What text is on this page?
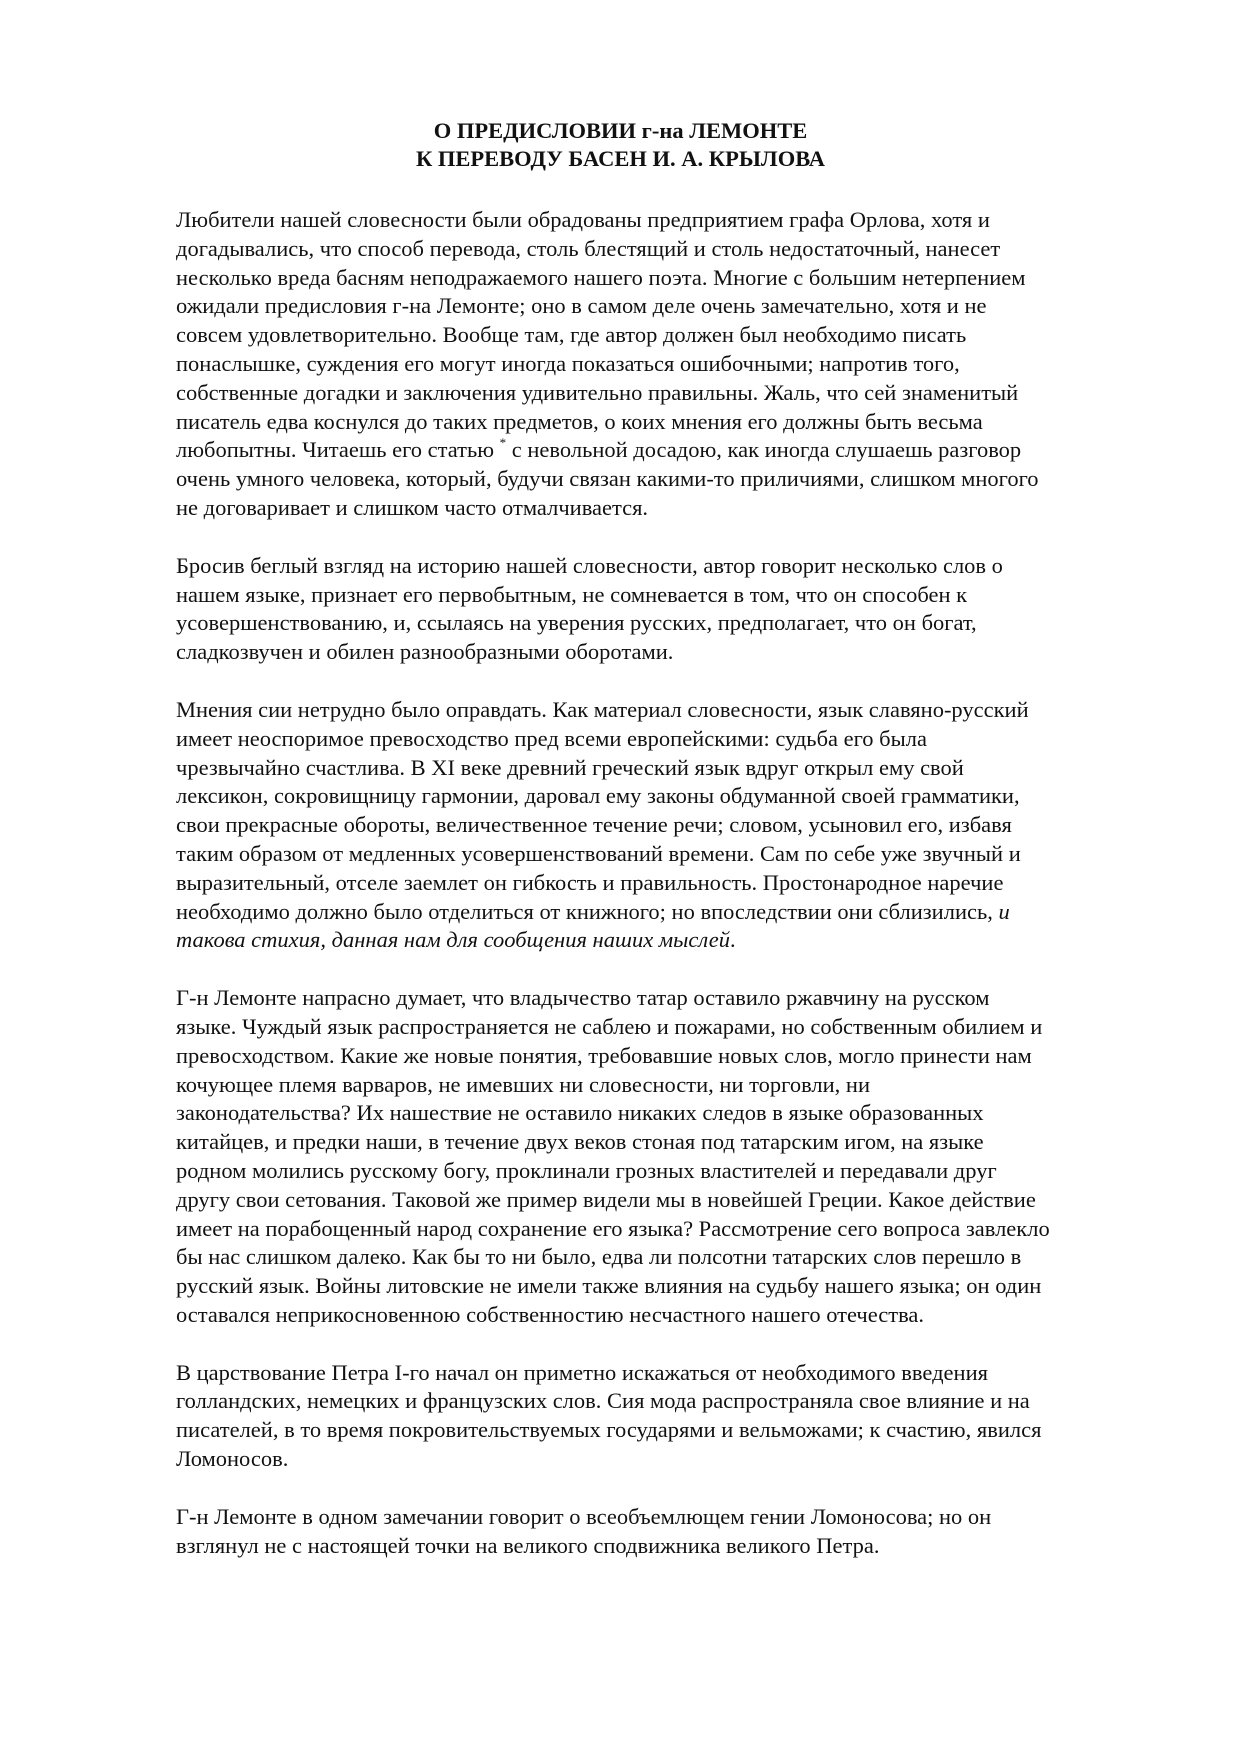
О ПРЕДИСЛОВИИ г-на ЛЕМОНТЕ
К ПЕРЕВОДУ БАСЕН И. А. КРЫЛОВА
Любители нашей словесности были обрадованы предприятием графа Орлова, хотя и
догадывались, что способ перевода, столь блестящий и столь недостаточный, нанесет
несколько вреда басням неподражаемого нашего поэта. Многие с большим нетерпением
ожидали предисловия г-на Лемонте; оно в самом деле очень замечательно, хотя и не
совсем удовлетворительно. Вообще там, где автор должен был необходимо писать
понаслышке, суждения его могут иногда показаться ошибочными; напротив того,
собственные догадки и заключения удивительно правильны. Жаль, что сей знаменитый
писатель едва коснулся до таких предметов, о коих мнения его должны быть весьма
любопытны. Читаешь его статью * с невольной досадою, как иногда слушаешь разговор
очень умного человека, который, будучи связан какими-то приличиями, слишком многого
не договаривает и слишком часто отмалчивается.
Бросив беглый взгляд на историю нашей словесности, автор говорит несколько слов о
нашем языке, признает его первобытным, не сомневается в том, что он способен к
усовершенствованию, и, ссылаясь на уверения русских, предполагает, что он богат,
сладкозвучен и обилен разнообразными оборотами.
Мнения сии нетрудно было оправдать. Как материал словесности, язык славяно-русский
имеет неоспоримое превосходство пред всеми европейскими: судьба его была
чрезвычайно счастлива. В XI веке древний греческий язык вдруг открыл ему свой
лексикон, сокровищницу гармонии, даровал ему законы обдуманной своей грамматики,
свои прекрасные обороты, величественное течение речи; словом, усыновил его, избавя
таким образом от медленных усовершенствований времени. Сам по себе уже звучный и
выразительный, отселе заемлет он гибкость и правильность. Простонародное наречие
необходимо должно было отделиться от книжного; но впоследствии они сблизились, и
такова стихия, данная нам для сообщения наших мыслей.
Г-н Лемонте напрасно думает, что владычество татар оставило ржавчину на русском
языке. Чуждый язык распространяется не саблею и пожарами, но собственным обилием и
превосходством. Какие же новые понятия, требовавшие новых слов, могло принести нам
кочующее племя варваров, не имевших ни словесности, ни торговли, ни
законодательства? Их нашествие не оставило никаких следов в языке образованных
китайцев, и предки наши, в течение двух веков стоная под татарским игом, на языке
родном молились русскому богу, проклинали грозных властителей и передавали друг
другу свои сетования. Таковой же пример видели мы в новейшей Греции. Какое действие
имеет на порабощенный народ сохранение его языка? Рассмотрение сего вопроса завлекло
бы нас слишком далеко. Как бы то ни было, едва ли полсотни татарских слов перешло в
русский язык. Войны литовские не имели также влияния на судьбу нашего языка; он один
оставался неприкосновенною собственностию несчастного нашего отечества.
В царствование Петра I-го начал он приметно искажаться от необходимого введения
голландских, немецких и французских слов. Сия мода распространяла свое влияние и на
писателей, в то время покровительствуемых государями и вельможами; к счастию, явился
Ломоносов.
Г-н Лемонте в одном замечании говорит о всеобъемлющем гении Ломоносова; но он
взглянул не с настоящей точки на великого сподвижника великого Петра.
